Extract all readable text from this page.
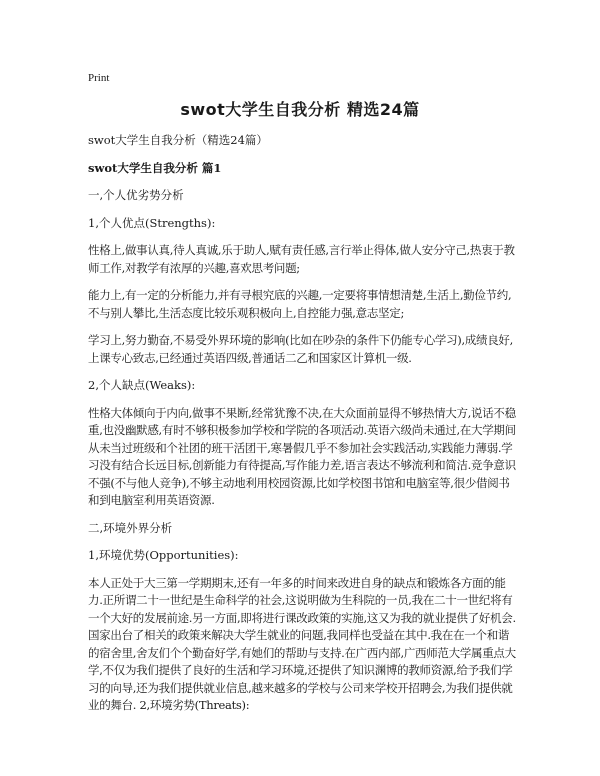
Print
swot大学生自我分析 精选24篇

swot大学生自我分析（精选24篇）

swot大学生自我分析 篇1

一,个人优劣势分析

1,个人优点(Strengths):

性格上,做事认真,待人真诚,乐于助人,赋有责任感,言行举止得体,做人安分守己,热衷于教师工作,对教学有浓厚的兴趣,喜欢思考问题;

能力上,有一定的分析能力,并有寻根究底的兴趣,一定要将事情想清楚,生活上,勤俭节约,不与别人攀比,生活态度比较乐观积极向上,自控能力强,意志坚定;

学习上,努力勤奋,不易受外界环境的影响(比如在吵杂的条件下仍能专心学习),成绩良好,上课专心致志,已经通过英语四级,普通话二乙和国家区计算机一级.

2,个人缺点(Weaks):

性格大体倾向于内向,做事不果断,经常犹豫不决,在大众面前显得不够热情大方,说话不稳重,也没幽默感,有时不够积极参加学校和学院的各项活动.英语六级尚未通过,在大学期间从未当过班级和个社团的班干活团干,寒暑假几乎不参加社会实践活动,实践能力薄弱.学习没有结合长远目标,创新能力有待提高,写作能力差,语言表达不够流利和简洁.竞争意识不强(不与他人竞争),不够主动地利用校园资源,比如学校图书馆和电脑室等,很少借阅书和到电脑室利用英语资源.

二,环境外界分析

1,环境优势(Opportunities):

本人正处于大三第一学期期末,还有一年多的时间来改进自身的缺点和锻炼各方面的能力.正所谓二十一世纪是生命科学的社会,这说明做为生科院的一员,我在二十一世纪将有一个大好的发展前途.另一方面,即将进行课改政策的实施,这又为我的就业提供了好机会.国家出台了相关的政策来解决大学生就业的问题,我同样也受益在其中.我在在一个和谐的宿舍里,舍友们个个勤奋好学,有她们的帮助与支持.在广西内部,广西师范大学属重点大学,不仅为我们提供了良好的生活和学习环境,还提供了知识渊博的教师资源,给予我们学习的向导,还为我们提供就业信息,越来越多的学校与公司来学校开招聘会,为我们提供就业的舞台. 2,环境劣势(Threats):
